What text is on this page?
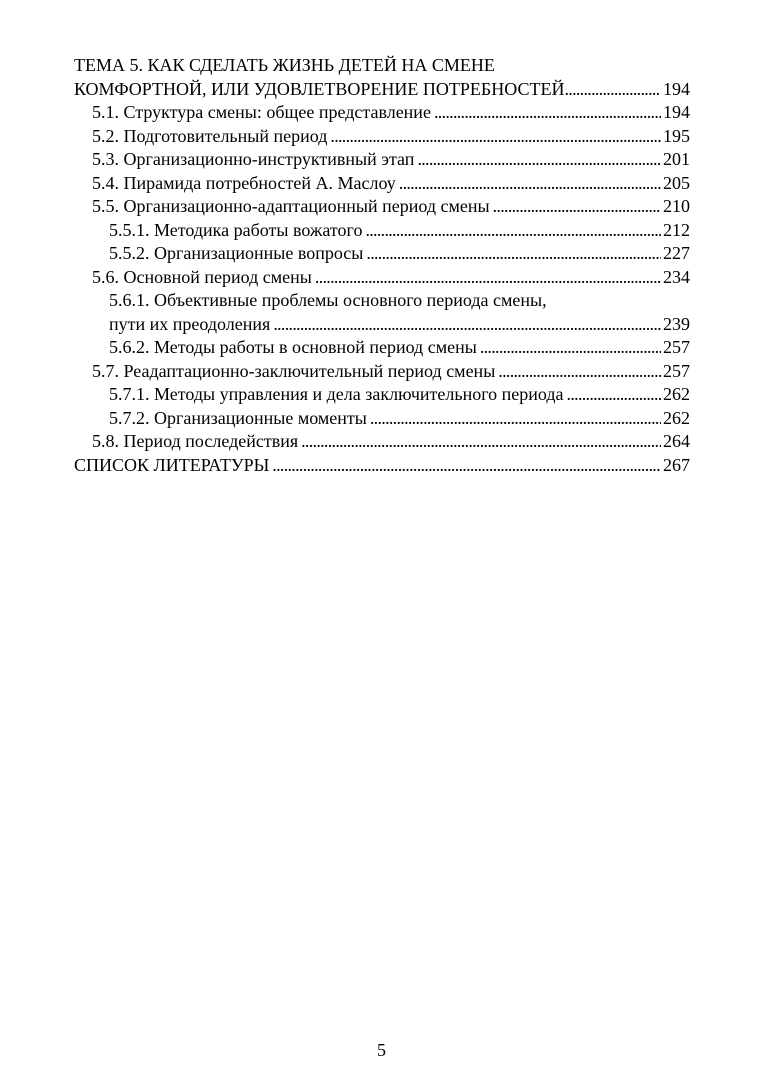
ТЕМА 5. КАК СДЕЛАТЬ ЖИЗНЬ ДЕТЕЙ НА СМЕНЕ
КОМФОРТНОЙ, ИЛИ УДОВЛЕТВОРЕНИЕ ПОТРЕБНОСТЕЙ . . .	194
5.1. Структура смены: общее представление . . .	194
5.2. Подготовительный период . . .	195
5.3. Организационно-инструктивный этап . . .	201
5.4. Пирамида потребностей А. Маслоу . . .	205
5.5. Организационно-адаптационный период смены . . .	210
5.5.1. Методика работы вожатого . . .	212
5.5.2. Организационные вопросы . . .	227
5.6. Основной период смены . . .	234
5.6.1. Объективные проблемы основного периода смены,
пути их преодоления . . .	239
5.6.2. Методы работы в основной период смены . . .	257
5.7. Реадаптационно-заключительный период смены . . .	257
5.7.1. Методы управления и дела заключительного периода . . .	262
5.7.2. Организационные моменты . . .	262
5.8. Период последействия . . .	264
СПИСОК ЛИТЕРАТУРЫ . . .	267
5
